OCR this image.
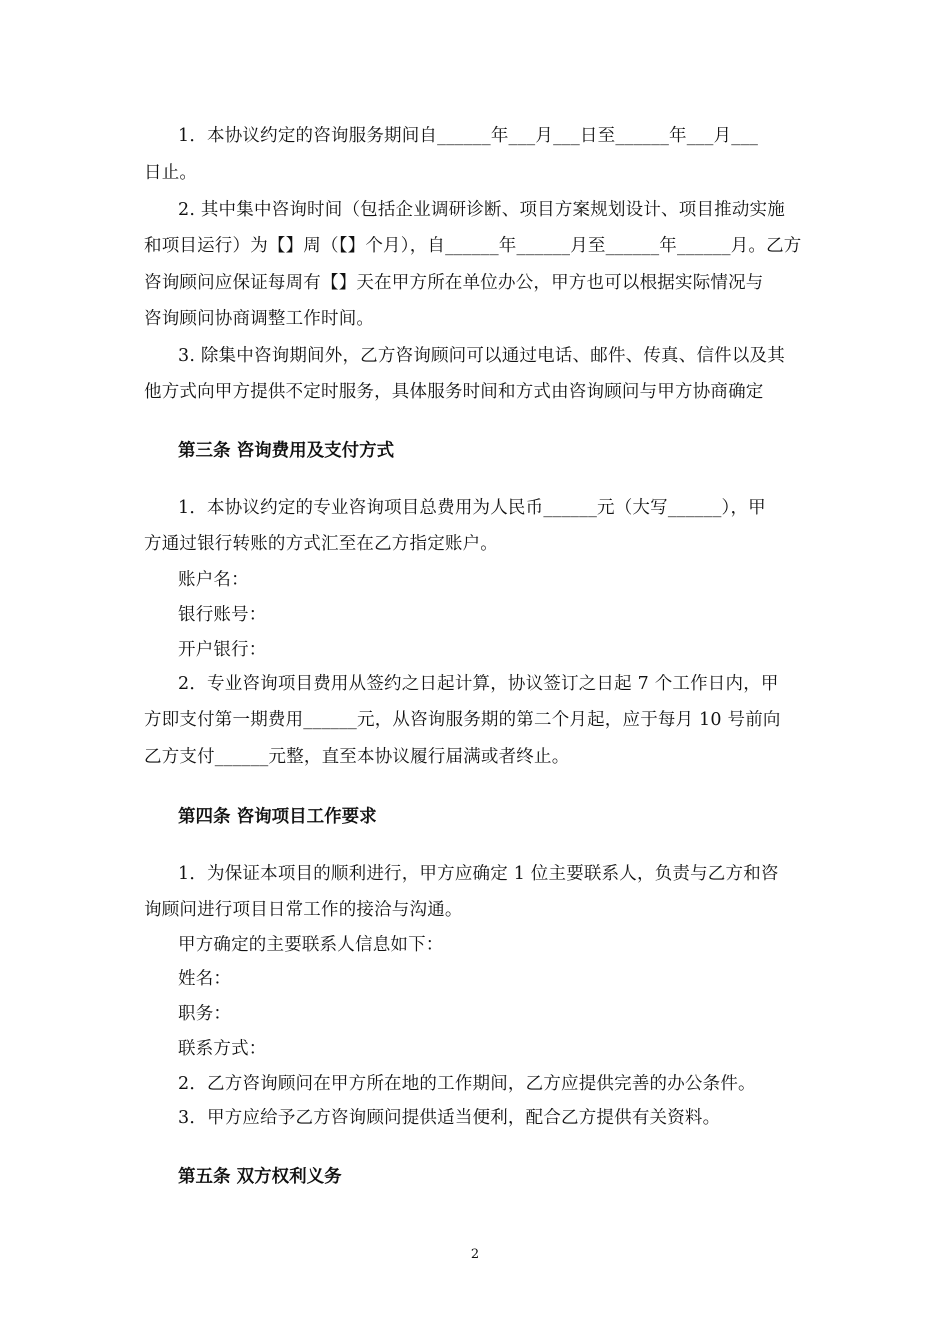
1．本协议约定的咨询服务期间自______年___月___日至______年___月___
日止。
2. 其中集中咨询时间（包括企业调研诊断、项目方案规划设计、项目推动实施
和项目运行）为【】周（【】个月），自______年______月至______年______月。乙方
咨询顾问应保证每周有【】天在甲方所在单位办公，甲方也可以根据实际情况与
咨询顾问协商调整工作时间。
3. 除集中咨询期间外，乙方咨询顾问可以通过电话、邮件、传真、信件以及其
他方式向甲方提供不定时服务，具体服务时间和方式由咨询顾问与甲方协商确定
第三条 咨询费用及支付方式
1．本协议约定的专业咨询项目总费用为人民币______元（大写______），甲
方通过银行转账的方式汇至在乙方指定账户。
账户名：
银行账号：
开户银行：
2．专业咨询项目费用从签约之日起计算，协议签订之日起 7 个工作日内，甲
方即支付第一期费用______元，从咨询服务期的第二个月起，应于每月 10 号前向
乙方支付______元整，直至本协议履行届满或者终止。
第四条 咨询项目工作要求
1．为保证本项目的顺利进行，甲方应确定 1 位主要联系人，负责与乙方和咨
询顾问进行项目日常工作的接洽与沟通。
甲方确定的主要联系人信息如下：
姓名：
职务：
联系方式：
2．乙方咨询顾问在甲方所在地的工作期间，乙方应提供完善的办公条件。
3．甲方应给予乙方咨询顾问提供适当便利，配合乙方提供有关资料。
第五条 双方权利义务
2
